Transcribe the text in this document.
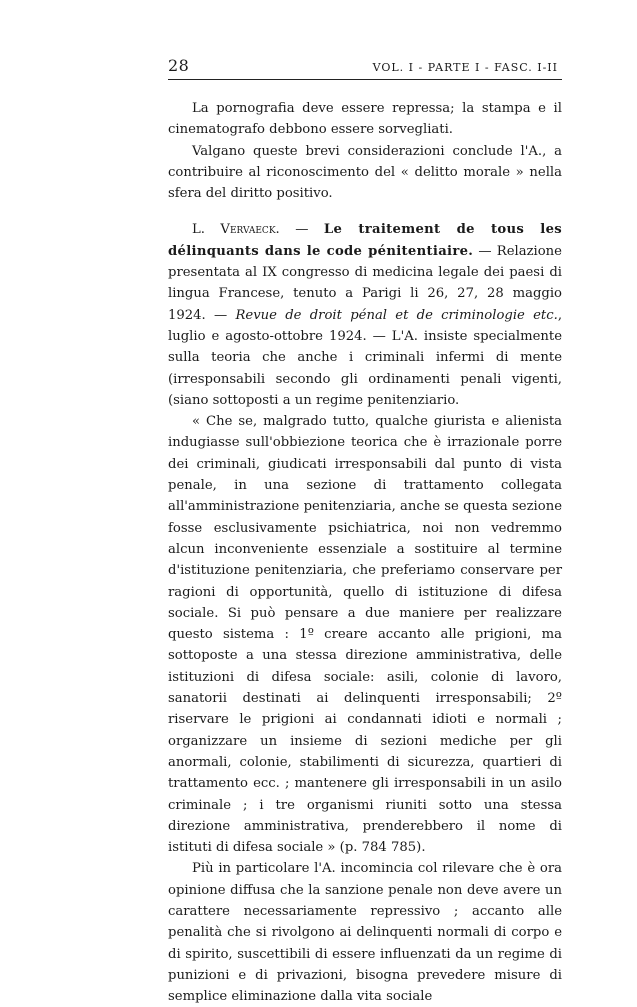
28	VOL. I - PARTE I - FASC. I-II

La pornografia deve essere repressa; la stampa e il cinematografo debbono essere sorvegliati.

Valgano queste brevi considerazioni conclude l'A., a contribuire al riconoscimento del « delitto morale » nella sfera del diritto positivo.

L. Vervaeck. — Le traitement de tous les délinquants dans le code pénitentiaire. — Relazione presentata al IX congresso di medicina legale dei paesi di lingua Francese, tenuto a Parigi li 26, 27, 28 maggio 1924. — Revue de droit pénal et de criminologie etc., luglio e agosto-ottobre 1924. — L'A. insiste specialmente sulla teoria che anche i criminali infermi di mente (irresponsabili secondo gli ordinamenti penali vigenti, (siano sottoposti a un regime penitenziario.

« Che se, malgrado tutto, qualche giurista e alienista indugiasse sull'obbiezione teorica che è irrazionale porre dei criminali, giudicati irresponsabili dal punto di vista penale, in una sezione di trattamento collegata all'amministrazione penitenziaria, anche se questa sezione fosse esclusivamente psichiatrica, noi non vedremmo alcun inconveniente essenziale a sostituire al termine d'istituzione penitenziaria, che preferiamo conservare per ragioni di opportunità, quello di istituzione di difesa sociale. Si può pensare a due maniere per realizzare questo sistema : 1º creare accanto alle prigioni, ma sottoposte a una stessa direzione amministrativa, delle istituzioni di difesa sociale: asili, colonie di lavoro, sanatorii destinati ai delinquenti irresponsabili; 2º riservare le prigioni ai condannati idioti e normali ; organizzare un insieme di sezioni mediche per gli anormali, colonie, stabilimenti di sicurezza, quartieri di trattamento ecc. ; mantenere gli irresponsabili in un asilo criminale ; i tre organismi riuniti sotto una stessa direzione amministrativa, prenderebbero il nome di istituti di difesa sociale » (p. 784 785).

Più in particolare l'A. incomincia col rilevare che è ora opinione diffusa che la sanzione penale non deve avere un carattere necessariamente repressivo ; accanto alle penalità che si rivolgono ai delinquenti normali di corpo e di spirito, suscettibili di essere influenzati da un regime di punizioni e di privazioni, bisogna prevedere misure di semplice eliminazione dalla vita sociale
